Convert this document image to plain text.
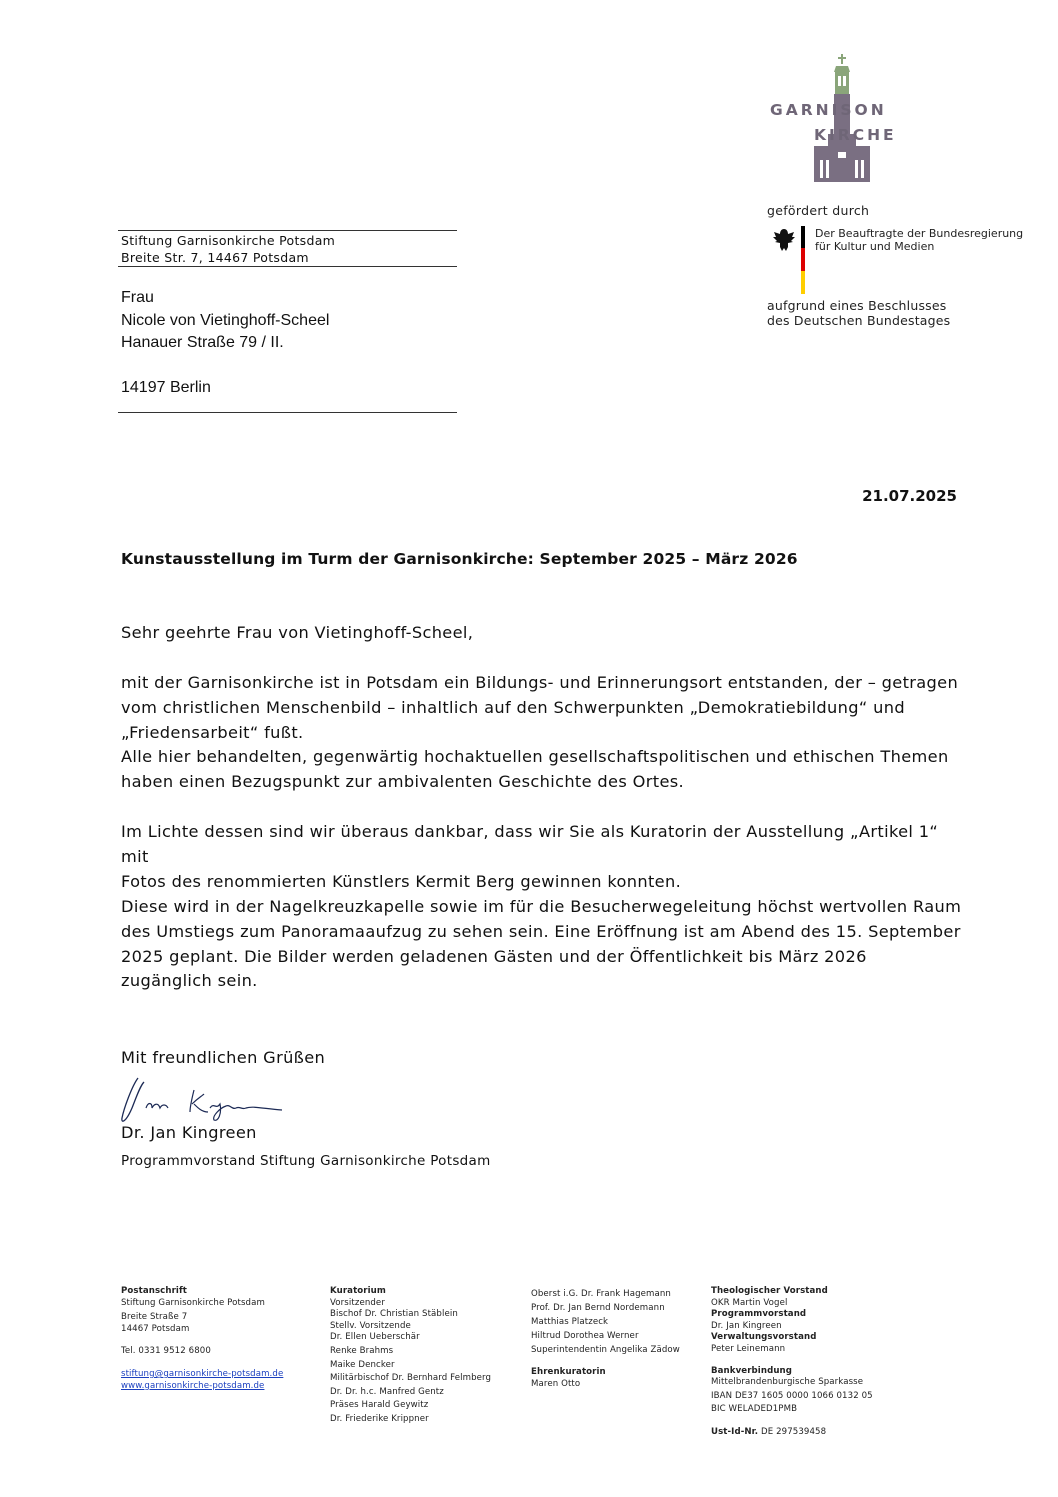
GARNISON
KIRCHE
gefördert durch
Der Beauftragte der Bundesregierung
für Kultur und Medien
aufgrund eines Beschlusses
des Deutschen Bundestages
Stiftung Garnisonkirche Potsdam
Breite Str. 7, 14467 Potsdam
Frau
Nicole von Vietinghoff-Scheel
Hanauer Straße 79 / II.
14197 Berlin
21.07.2025
Kunstausstellung im Turm der Garnisonkirche: September 2025 – März 2026
Sehr geehrte Frau von Vietinghoff-Scheel,

mit der Garnisonkirche ist in Potsdam ein Bildungs- und Erinnerungsort entstanden, der – getragen
vom christlichen Menschenbild – inhaltlich auf den Schwerpunkten „Demokratiebildung“ und
„Friedensarbeit“ fußt.
Alle hier behandelten, gegenwärtig hochaktuellen gesellschaftspolitischen und ethischen Themen
haben einen Bezugspunkt zur ambivalenten Geschichte des Ortes.

Im Lichte dessen sind wir überaus dankbar, dass wir Sie als Kuratorin der Ausstellung „Artikel 1“ mit
Fotos des renommierten Künstlers Kermit Berg gewinnen konnten.

Diese wird in der Nagelkreuzkapelle sowie im für die Besucherwegeleitung höchst wertvollen Raum
des Umstiegs zum Panoramaaufzug zu sehen sein. Eine Eröffnung ist am Abend des 15. September
2025 geplant. Die Bilder werden geladenen Gästen und der Öffentlichkeit bis März 2026
zugänglich sein.

Mit freundlichen Grüßen
Dr. Jan Kingreen
Programmvorstand Stiftung Garnisonkirche Potsdam
Postanschrift
Stiftung Garnisonkirche Potsdam
Breite Straße 7
14467 Potsdam
Tel. 0331 9512 6800
stiftung@garnisonkirche-potsdam.de
www.garnisonkirche-potsdam.de
Kuratorium
Vorsitzender
Bischof Dr. Christian Stäblein
Stellv. Vorsitzende
Dr. Ellen Ueberschär
Renke Brahms
Maike Dencker
Militärbischof Dr. Bernhard Felmberg
Dr. Dr. h.c. Manfred Gentz
Präses Harald Geywitz
Dr. Friederike Krippner
Oberst i.G. Dr. Frank Hagemann
Prof. Dr. Jan Bernd Nordemann
Matthias Platzeck
Hiltrud Dorothea Werner
Superintendentin Angelika Zädow
Ehrenkuratorin
Maren Otto
Theologischer Vorstand
OKR Martin Vogel
Programmvorstand
Dr. Jan Kingreen
Verwaltungsvorstand
Peter Leinemann
Bankverbindung
Mittelbrandenburgische Sparkasse
IBAN DE37 1605 0000 1066 0132 05
BIC WELADED1PMB
Ust-Id-Nr. DE 297539458
